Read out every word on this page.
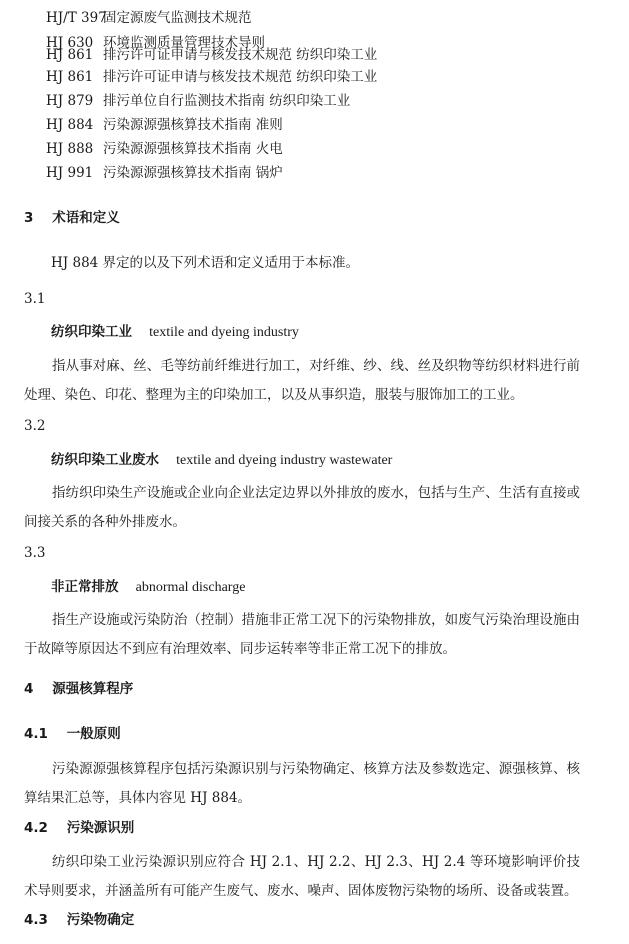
HJ/T 397固定源废气监测技术规范
HJ 630 环境监测质量管理技术导则
HJ 861 排污许可证申请与核发技术规范 纺织印染工业
HJ 861 排污许可证申请与核发技术规范 纺织印染工业
HJ 879 排污单位自行监测技术指南 纺织印染工业
HJ 884 污染源源强核算技术指南 准则
HJ 888 污染源源强核算技术指南 火电
HJ 991 污染源源强核算技术指南 锅炉
3    术语和定义
HJ 884 界定的以及下列术语和定义适用于本标准。
3.1
纺织印染工业 textile and dyeing industry
指从事对麻、丝、毛等纺前纤维进行加工，对纤维、纱、线、丝及织物等纺织材料进行前处理、染色、印花、整理为主的印染加工，以及从事织造，服装与服饰加工的工业。
3.2
纺织印染工业废水 textile and dyeing industry wastewater
指纺织印染生产设施或企业向企业法定边界以外排放的废水，包括与生产、生活有直接或间接关系的各种外排废水。
3.3
非正常排放 abnormal discharge
指生产设施或污染防治（控制）措施非正常工况下的污染物排放，如废气污染治理设施由于故障等原因达不到应有治理效率、同步运转率等非正常工况下的排放。
4    源强核算程序
4.1    一般原则
污染源源强核算程序包括污染源识别与污染物确定、核算方法及参数选定、源强核算、核算结果汇总等，具体内容见 HJ 884。
4.2    污染源识别
纺织印染工业污染源识别应符合 HJ 2.1、HJ 2.2、HJ 2.3、HJ 2.4 等环境影响评价技术导则要求，并涵盖所有可能产生废气、废水、噪声、固体废物污染物的场所、设备或装置。
4.3    污染物确定
